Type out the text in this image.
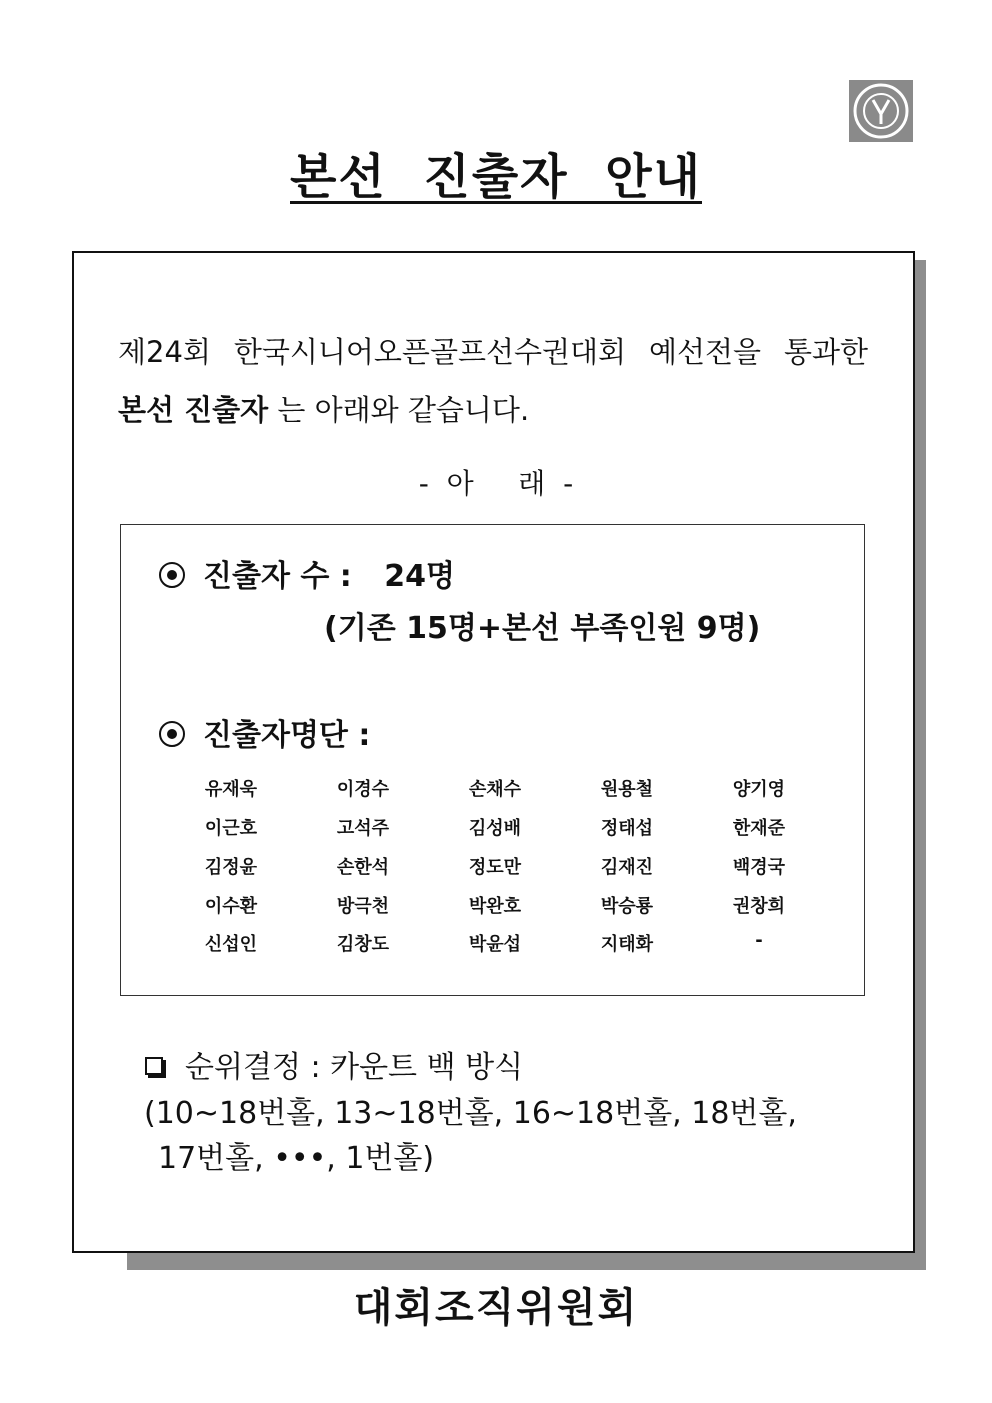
본선 진출자 안내
제24회 한국시니어오픈골프선수권대회 예선전을 통과한
본선 진출자 는 아래와 같습니다.
-  아     래  -
진출자 수 : 24명
(기존 15명+본선 부족인원 9명)
진출자명단 :
유재욱	이경수	손채수	원용철	양기영
이근호	고석주	김성배	정태섭	한재준
김정윤	손한석	정도만	김재진	백경국
이수환	방극천	박완호	박승룡	권창희
신섭인	김창도	박윤섭	지태화	-
순위결정 : 카운트 백 방식
(10~18번홀, 13~18번홀, 16~18번홀, 18번홀,
17번홀, •••, 1번홀)
대회조직위원회
